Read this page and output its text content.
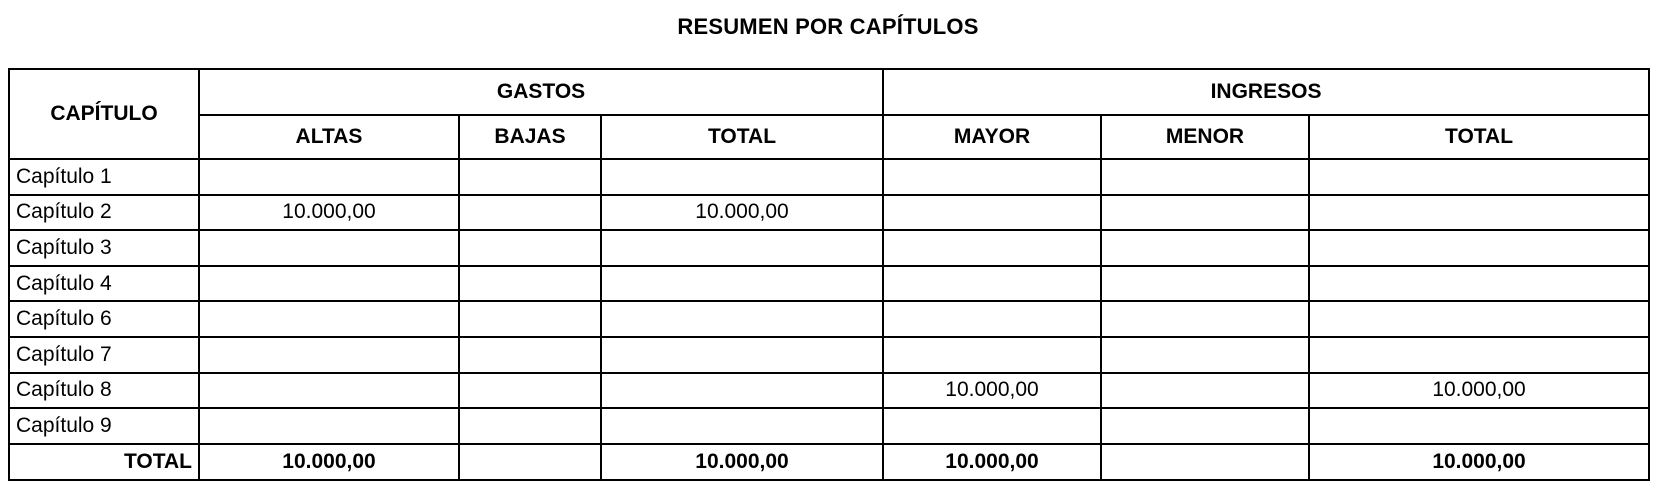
RESUMEN POR CAPÍTULOS
CAPÍTULO	GASTOS			INGRESOS		
	ALTAS	BAJAS	TOTAL	MAYOR	MENOR	TOTAL
Capítulo 1						
Capítulo 2	10.000,00		10.000,00			
Capítulo 3						
Capítulo 4						
Capítulo 6						
Capítulo 7						
Capítulo 8				10.000,00		10.000,00
Capítulo 9						
TOTAL	10.000,00		10.000,00	10.000,00		10.000,00
